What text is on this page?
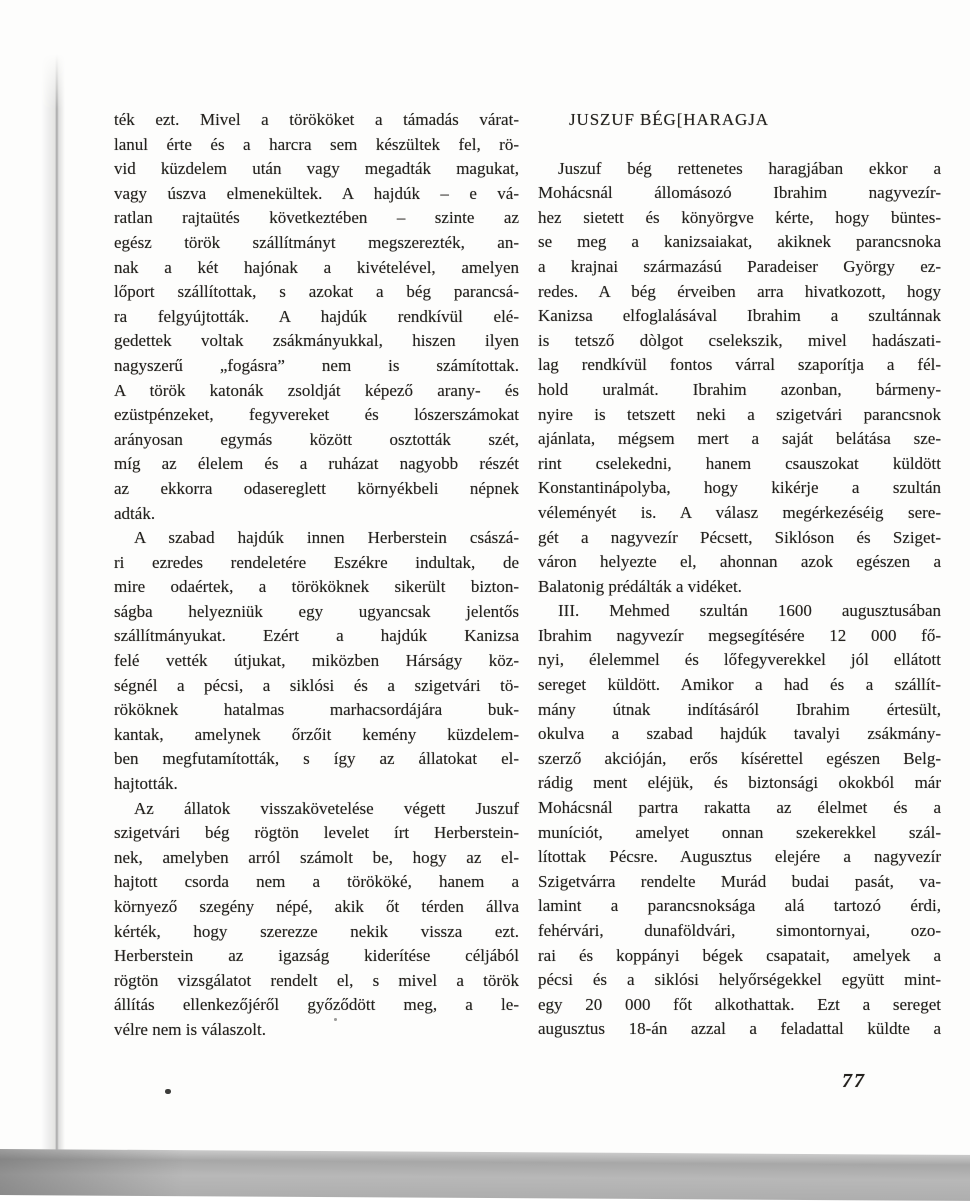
ték ezt. Mivel a törököket a támadás várat-
lanul érte és a harcra sem készültek fel, rö-
vid küzdelem után vagy megadták magukat,
vagy úszva elmenekültek. A hajdúk – e vá-
ratlan rajtaütés következtében – szinte az
egész török szállítmányt megszerezték, an-
nak a két hajónak a kivételével, amelyen
lőport szállítottak, s azokat a bég parancsá-
ra felgyújtották. A hajdúk rendkívül elé-
gedettek voltak zsákmányukkal, hiszen ilyen
nagyszerű „fogásra” nem is számítottak.
A török katonák zsoldját képező arany- és
ezüstpénzeket, fegyvereket és lószerszámokat
arányosan egymás között osztották szét,
míg az élelem és a ruházat nagyobb részét
az ekkorra odasereglett környékbeli népnek
adták.
A szabad hajdúk innen Herberstein császá-
ri ezredes rendeletére Eszékre indultak, de
mire odaértek, a törököknek sikerült bizton-
ságba helyezniük egy ugyancsak jelentős
szállítmányukat. Ezért a hajdúk Kanizsa
felé vették útjukat, miközben Hárságy köz-
ségnél a pécsi, a siklósi és a szigetvári tö-
rököknek hatalmas marhacsordájára buk-
kantak, amelynek őrzőit kemény küzdelem-
ben megfutamították, s így az állatokat el-
hajtották.
Az állatok visszakövetelése végett Juszuf
szigetvári bég rögtön levelet írt Herberstein-
nek, amelyben arról számolt be, hogy az el-
hajtott csorda nem a törököké, hanem a
környező szegény népé, akik őt térden állva
kérték, hogy szerezze nekik vissza ezt.
Herberstein az igazság kiderítése céljából
rögtön vizsgálatot rendelt el, s mivel a török
állítás ellenkezőjéről győződött meg, a le-
vélre nem is válaszolt.
JUSZUF BÉG[HARAGJA
Juszuf bég rettenetes haragjában ekkor a
Mohácsnál állomásozó Ibrahim nagyvezír-
hez sietett és könyörgve kérte, hogy büntes-
se meg a kanizsaiakat, akiknek parancsnoka
a krajnai származású Paradeiser György ez-
redes. A bég érveiben arra hivatkozott, hogy
Kanizsa elfoglalásával Ibrahim a szultánnak
is tetsző dòlgot cselekszik, mivel hadászati-
lag rendkívül fontos várral szaporítja a fél-
hold uralmát. Ibrahim azonban, bármeny-
nyire is tetszett neki a szigetvári parancsnok
ajánlata, mégsem mert a saját belátása sze-
rint cselekedni, hanem csauszokat küldött
Konstantinápolyba, hogy kikérje a szultán
véleményét is. A válasz megérkezéséig sere-
gét a nagyvezír Pécsett, Siklóson és Sziget-
váron helyezte el, ahonnan azok egészen a
Balatonig prédálták a vidéket.
III. Mehmed szultán 1600 augusztusában
Ibrahim nagyvezír megsegítésére 12 000 fő-
nyi, élelemmel és lőfegyverekkel jól ellátott
sereget küldött. Amikor a had és a szállít-
mány útnak indításáról Ibrahim értesült,
okulva a szabad hajdúk tavalyi zsákmány-
szerző akcióján, erős kísérettel egészen Belg-
rádig ment eléjük, és biztonsági okokból már
Mohácsnál partra rakatta az élelmet és a
muníciót, amelyet onnan szekerekkel szál-
lítottak Pécsre. Augusztus elejére a nagyvezír
Szigetvárra rendelte Murád budai pasát, va-
lamint a parancsnoksága alá tartozó érdi,
fehérvári, dunaföldvári, simontornyai, ozo-
rai és koppányi bégek csapatait, amelyek a
pécsi és a siklósi helyőrségekkel együtt mint-
egy 20 000 főt alkothattak. Ezt a sereget
augusztus 18-án azzal a feladattal küldte a
77
